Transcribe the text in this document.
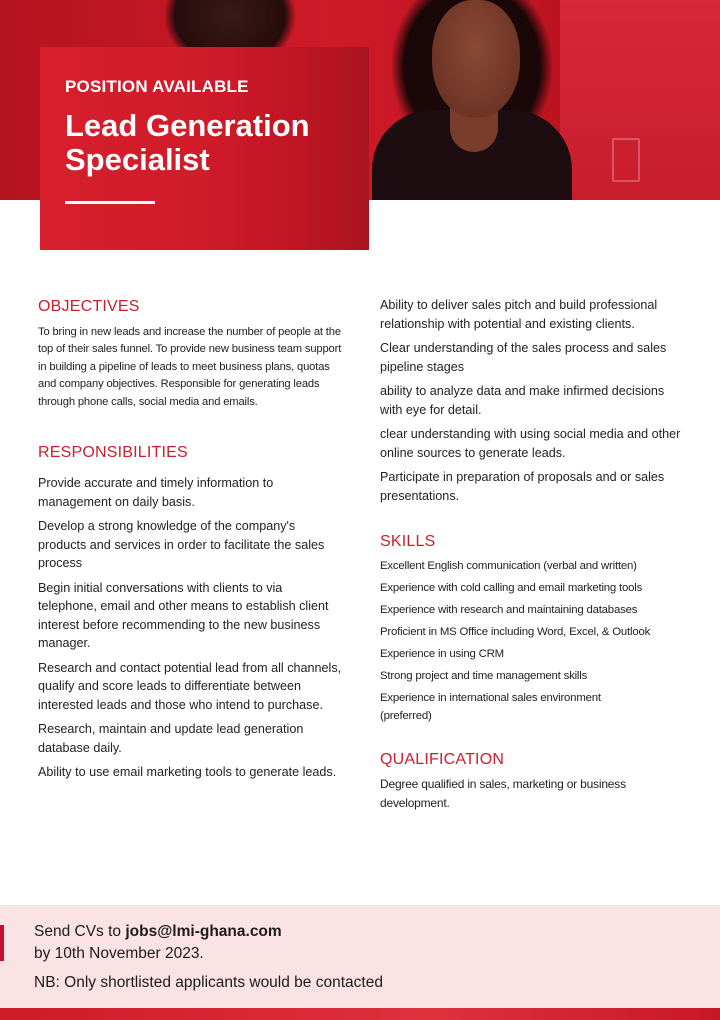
POSITION AVAILABLE
Lead Generation
Specialist
OBJECTIVES
To bring in new leads and increase the number of people at the top of their sales funnel. To provide new business team support in building a pipeline of leads to meet business plans, quotas and company objectives. Responsible for generating leads through phone calls, social media and emails.
RESPONSIBILITIES
Provide accurate and timely information to management on daily basis.
Develop a strong knowledge of the company's products and services in order to facilitate the sales process
Begin initial conversations with clients to via telephone, email and other means to establish client interest before recommending to the new business manager.
Research and contact potential lead from all channels, qualify and score leads to differentiate between interested leads and those who intend to purchase.
Research, maintain and update lead generation database daily.
Ability to use email marketing tools to generate leads.
Ability to deliver sales pitch and build professional relationship with potential and existing clients.
Clear understanding of the sales process and sales pipeline stages
ability to analyze data and make infirmed decisions with eye for detail.
clear understanding with using social media and other online sources to generate leads.
Participate in preparation of proposals and or sales presentations.
SKILLS
Excellent English communication (verbal and written)
Experience with cold calling and email marketing tools
Experience with research and maintaining databases
Proficient in MS Office including Word, Excel, & Outlook
Experience in using CRM
Strong project and time management skills
Experience in international sales environment (preferred)
QUALIFICATION
Degree qualified in sales, marketing or business development.
Send CVs to jobs@lmi-ghana.com
by 10th November 2023.
NB: Only shortlisted applicants would be contacted
